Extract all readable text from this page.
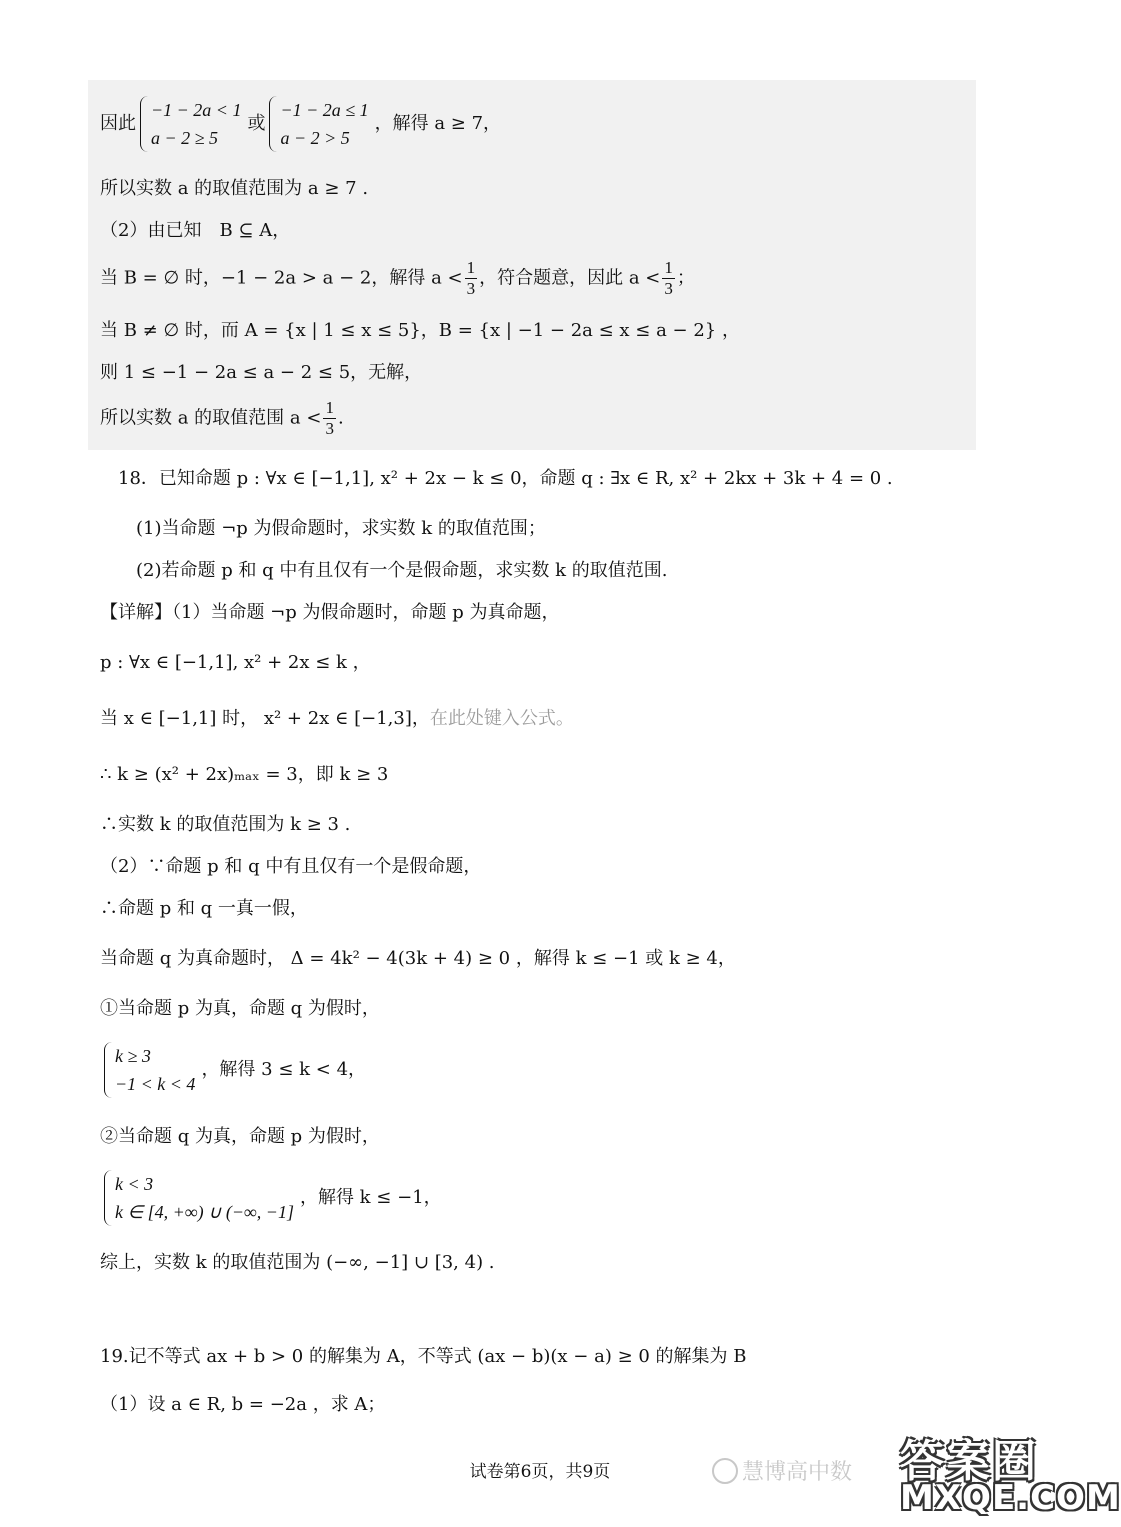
因此
−1 − 2a < 1
a − 2 ≥ 5
或
−1 − 2a ≤ 1
a − 2 > 5
，解得 a ≥ 7，
所以实数 a 的取值范围为 a ≥ 7 .
（2）由已知　B ⊆ A，
当 B = ∅ 时，−1 − 2a > a − 2，解得 $a < \frac{1}{3}$ ，符合题意，因此 $a < \frac{1}{3}$ ；
当 B ≠ ∅ 时，而 A = {x | 1 ≤ x ≤ 5}，B = {x | −1 − 2a ≤ x ≤ a − 2} ，
则 1 ≤ −1 − 2a ≤ a − 2 ≤ 5，无解，
所以实数 a 的取值范围 $a < \frac{1}{3}$ .
18．已知命题 p : ∀x ∈ [−1,1], x² + 2x − k ≤ 0，命题 q : ∃x ∈ R, x² + 2kx + 3k + 4 = 0 .
(1)当命题 ¬p 为假命题时，求实数 k 的取值范围；
(2)若命题 p 和 q 中有且仅有一个是假命题，求实数 k 的取值范围.
【详解】（1）当命题 ¬p 为假命题时，命题 p 为真命题，
p : ∀x ∈ [−1,1], x² + 2x ≤ k ，
当 x ∈ [−1,1] 时， x² + 2x ∈ [−1,3]，在此处键入公式。
∴ k ≥ (x² + 2x)ₘₐₓ = 3，即 k ≥ 3
∴实数 k 的取值范围为 k ≥ 3 .
（2）∵命题 p 和 q 中有且仅有一个是假命题，
∴命题 p 和 q 一真一假，
当命题 q 为真命题时， Δ = 4k² − 4(3k + 4) ≥ 0 ，解得 k ≤ −1 或 k ≥ 4，
①当命题 p 为真，命题 q 为假时，
k ≥ 3
−1 < k < 4
，解得 3 ≤ k < 4，
②当命题 q 为真，命题 p 为假时，
k < 3
k ∈ [4, +∞) ∪ (−∞, −1]
，解得 k ≤ −1，
综上，实数 k 的取值范围为 (−∞, −1] ∪ [3, 4) .
19.记不等式 ax + b > 0 的解集为 A，不等式 (ax − b)(x − a) ≥ 0 的解集为 B
（1）设 a ∈ R, b = −2a ，求 A；
试卷第6页，共9页	慧博高中数 答案圈
MXQE.COM
